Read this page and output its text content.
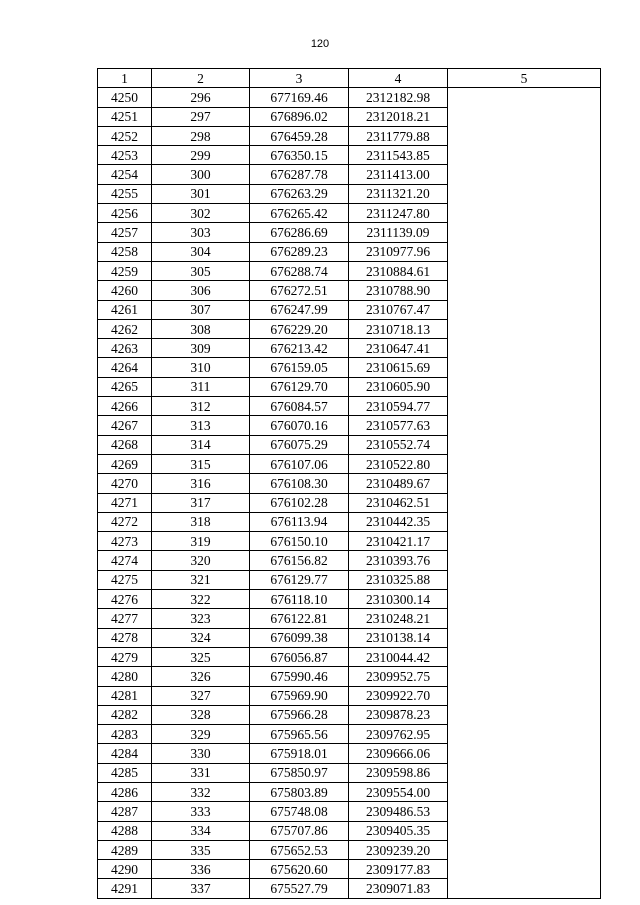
120
1	2	3	4	5
4250	296	677169.46	2312182.98	
4251	297	676896.02	2312018.21	
4252	298	676459.28	2311779.88	
4253	299	676350.15	2311543.85	
4254	300	676287.78	2311413.00	
4255	301	676263.29	2311321.20	
4256	302	676265.42	2311247.80	
4257	303	676286.69	2311139.09	
4258	304	676289.23	2310977.96	
4259	305	676288.74	2310884.61	
4260	306	676272.51	2310788.90	
4261	307	676247.99	2310767.47	
4262	308	676229.20	2310718.13	
4263	309	676213.42	2310647.41	
4264	310	676159.05	2310615.69	
4265	311	676129.70	2310605.90	
4266	312	676084.57	2310594.77	
4267	313	676070.16	2310577.63	
4268	314	676075.29	2310552.74	
4269	315	676107.06	2310522.80	
4270	316	676108.30	2310489.67	
4271	317	676102.28	2310462.51	
4272	318	676113.94	2310442.35	
4273	319	676150.10	2310421.17	
4274	320	676156.82	2310393.76	
4275	321	676129.77	2310325.88	
4276	322	676118.10	2310300.14	
4277	323	676122.81	2310248.21	
4278	324	676099.38	2310138.14	
4279	325	676056.87	2310044.42	
4280	326	675990.46	2309952.75	
4281	327	675969.90	2309922.70	
4282	328	675966.28	2309878.23	
4283	329	675965.56	2309762.95	
4284	330	675918.01	2309666.06	
4285	331	675850.97	2309598.86	
4286	332	675803.89	2309554.00	
4287	333	675748.08	2309486.53	
4288	334	675707.86	2309405.35	
4289	335	675652.53	2309239.20	
4290	336	675620.60	2309177.83	
4291	337	675527.79	2309071.83	
